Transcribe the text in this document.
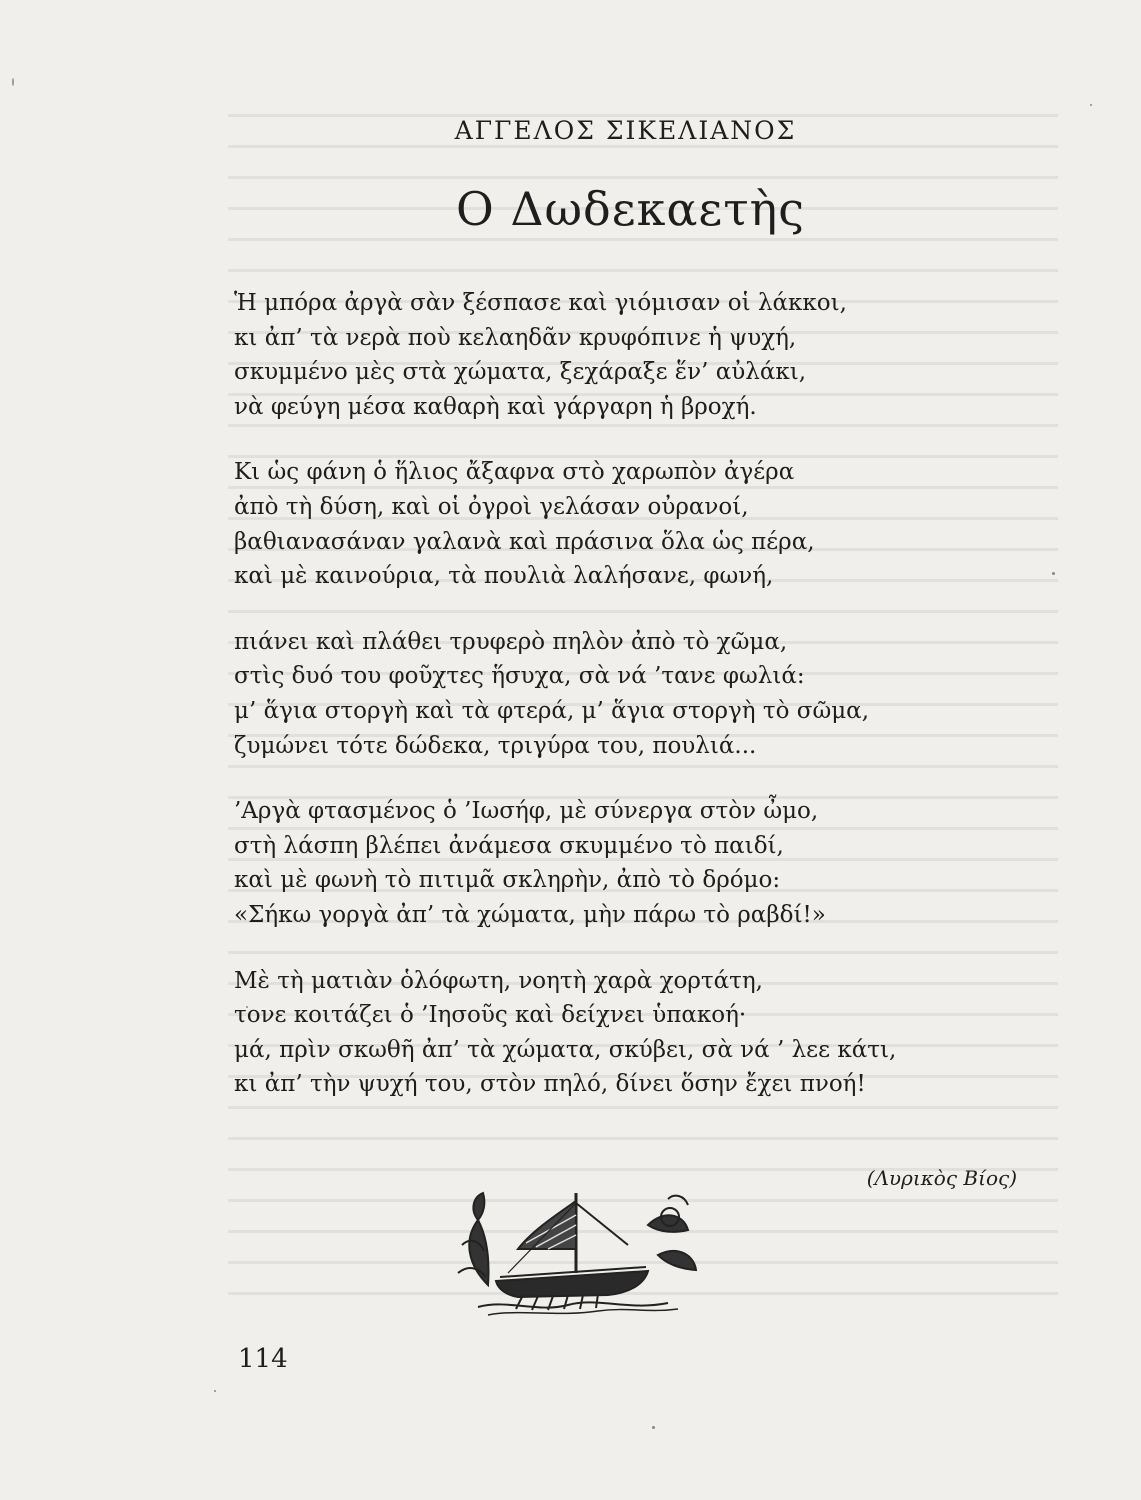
ΑΓΓΕΛΟΣ ΣΙΚΕΛΙΑΝΟΣ
Ο Δωδεκαετὴς
Ἡ μπόρα ἀργὰ σὰν ξέσπασε καὶ γιόμισαν οἱ λάκκοι,
κι ἀπ’ τὰ νερὰ ποὺ κελαηδᾶν κρυφόπινε ἡ ψυχή,
σκυμμένο μὲς στὰ χώματα, ξεχάραξε ἕν’ αὐλάκι,
νὰ φεύγη μέσα καθαρὴ καὶ γάργαρη ἡ βροχή.
Κι ὡς φάνη ὁ ἥλιος ἄξαφνα στὸ χαρωπὸν ἀγέρα
ἀπὸ τὴ δύση, καὶ οἱ ὀγροὶ γελάσαν οὐρανοί,
βαθιανασάναν γαλανὰ καὶ πράσινα ὅλα ὡς πέρα,
καὶ μὲ καινούρια, τὰ πουλιὰ λαλήσανε, φωνή,
πιάνει καὶ πλάθει τρυφερὸ πηλὸν ἀπὸ τὸ χῶμα,
στὶς δυό του φοῦχτες ἥσυχα, σὰ νά ’τανε φωλιά:
μ’ ἅγια στοργὴ καὶ τὰ φτερά, μ’ ἅγια στοργὴ τὸ σῶμα,
ζυμώνει τότε δώδεκα, τριγύρα του, πουλιά...
’Αργὰ φτασμένος ὁ ’Ιωσήφ, μὲ σύνεργα στὸν ὦμο,
στὴ λάσπη βλέπει ἀνάμεσα σκυμμένο τὸ παιδί,
καὶ μὲ φωνὴ τὸ πιτιμᾶ σκληρὴν, ἀπὸ τὸ δρόμο:
«Σήκω γοργὰ ἀπ’ τὰ χώματα, μὴν πάρω τὸ ραβδί!»
Μὲ τὴ ματιὰν ὁλόφωτη, νοητὴ χαρὰ χορτάτη,
τονε κοιτάζει ὁ ’Ιησοῦς καὶ δείχνει ὑπακοή·
μά, πρὶν σκωθῆ ἀπ’ τὰ χώματα, σκύβει, σὰ νά ’ λεε κάτι,
κι ἀπ’ τὴν ψυχή του, στὸν πηλό, δίνει ὅσην ἔχει πνοή!
(Λυρικὸς Βίος)
114
